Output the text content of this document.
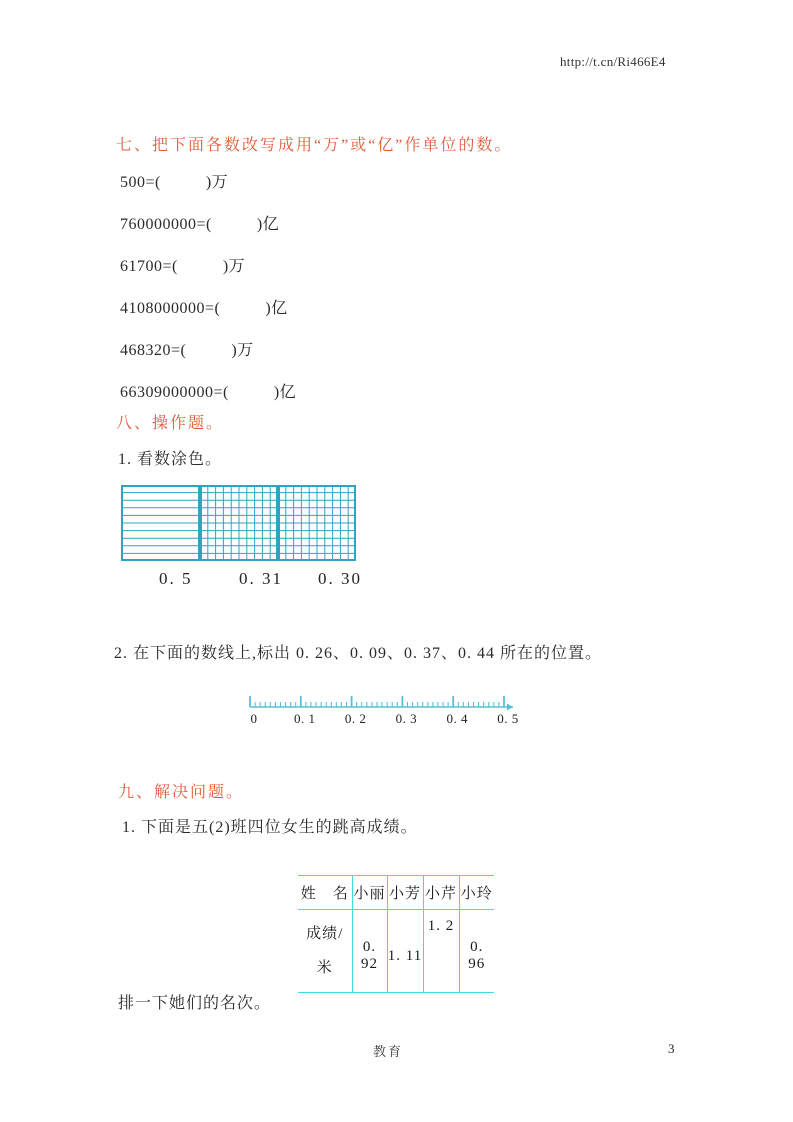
http://t.cn/Ri466E4
七、把下面各数改写成用“万”或“亿”作单位的数。
500=(          )万
760000000=(          )亿
61700=(          )万
4108000000=(          )亿
468320=(          )万
66309000000=(          )亿
八、操作题。
1. 看数涂色。
0. 5	0. 31 0. 30
2. 在下面的数线上,标出 0. 26、0. 09、0. 37、0. 44 所在的位置。
0	0. 1 0. 2 0. 3 0. 4 0. 5
九、解决问题。
1. 下面是五(2)班四位女生的跳高成绩。
姓　名	小丽	小芳	小芹	小玲

成绩/
米	0. 92	1. 11	1. 2	0. 96
排一下她们的名次。
教育	3
